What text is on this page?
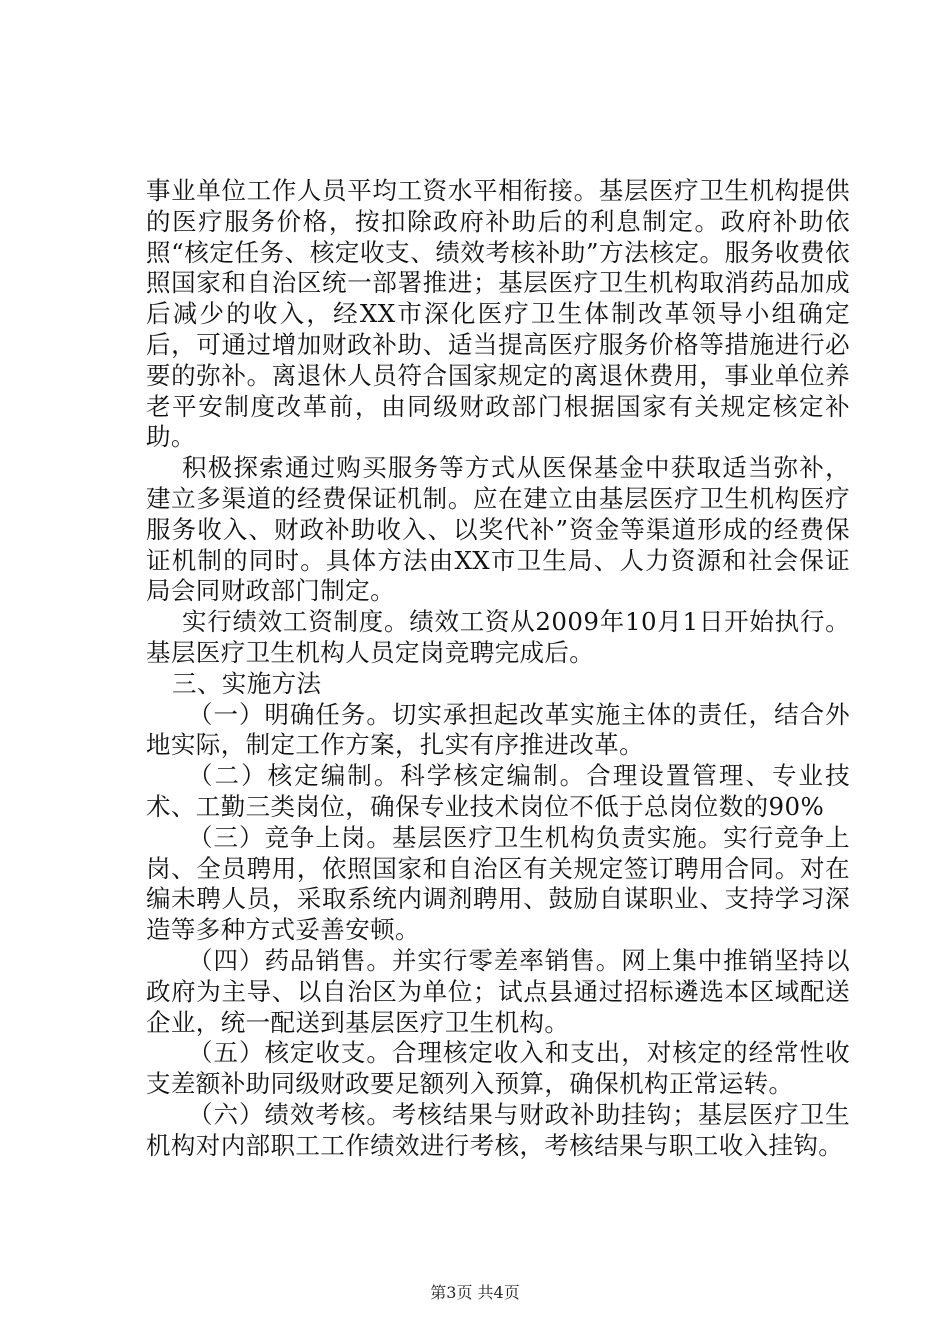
事业单位工作人员平均工资水平相衔接。基层医疗卫生机构提供的医疗服务价格，按扣除政府补助后的利息制定。政府补助依照“核定任务、核定收支、绩效考核补助”方法核定。服务收费依照国家和自治区统一部署推进；基层医疗卫生机构取消药品加成后减少的收入，经XX市深化医疗卫生体制改革领导小组确定后，可通过增加财政补助、适当提高医疗服务价格等措施进行必要的弥补。离退休人员符合国家规定的离退休费用，事业单位养老平安制度改革前，由同级财政部门根据国家有关规定核定补助。

积极探索通过购买服务等方式从医保基金中获取适当弥补，建立多渠道的经费保证机制。应在建立由基层医疗卫生机构医疗服务收入、财政补助收入、以奖代补”资金等渠道形成的经费保证机制的同时。具体方法由XX市卫生局、人力资源和社会保证局会同财政部门制定。

实行绩效工资制度。绩效工资从2009年10月1日开始执行。基层医疗卫生机构人员定岗竞聘完成后。

三、实施方法

（一）明确任务。切实承担起改革实施主体的责任，结合外地实际，制定工作方案，扎实有序推进改革。

（二）核定编制。科学核定编制。合理设置管理、专业技术、工勤三类岗位，确保专业技术岗位不低于总岗位数的90%

（三）竞争上岗。基层医疗卫生机构负责实施。实行竞争上岗、全员聘用，依照国家和自治区有关规定签订聘用合同。对在编未聘人员，采取系统内调剂聘用、鼓励自谋职业、支持学习深造等多种方式妥善安顿。

（四）药品销售。并实行零差率销售。网上集中推销坚持以政府为主导、以自治区为单位；试点县通过招标遴选本区域配送企业，统一配送到基层医疗卫生机构。

（五）核定收支。合理核定收入和支出，对核定的经常性收支差额补助同级财政要足额列入预算，确保机构正常运转。

（六）绩效考核。考核结果与财政补助挂钩；基层医疗卫生机构对内部职工工作绩效进行考核，考核结果与职工收入挂钩。

第3页 共4页
